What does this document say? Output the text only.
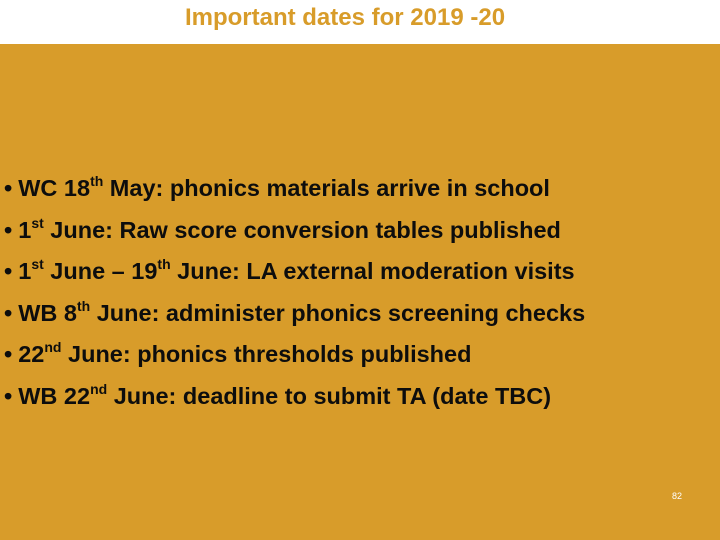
Important dates for 2019 -20
• WC 18th May: phonics materials arrive in school
• 1st June: Raw score conversion tables published
• 1st June – 19th June: LA external moderation visits
• WB 8th June: administer phonics screening checks
• 22nd June: phonics thresholds published
• WB 22nd June: deadline to submit TA (date TBC)
82
